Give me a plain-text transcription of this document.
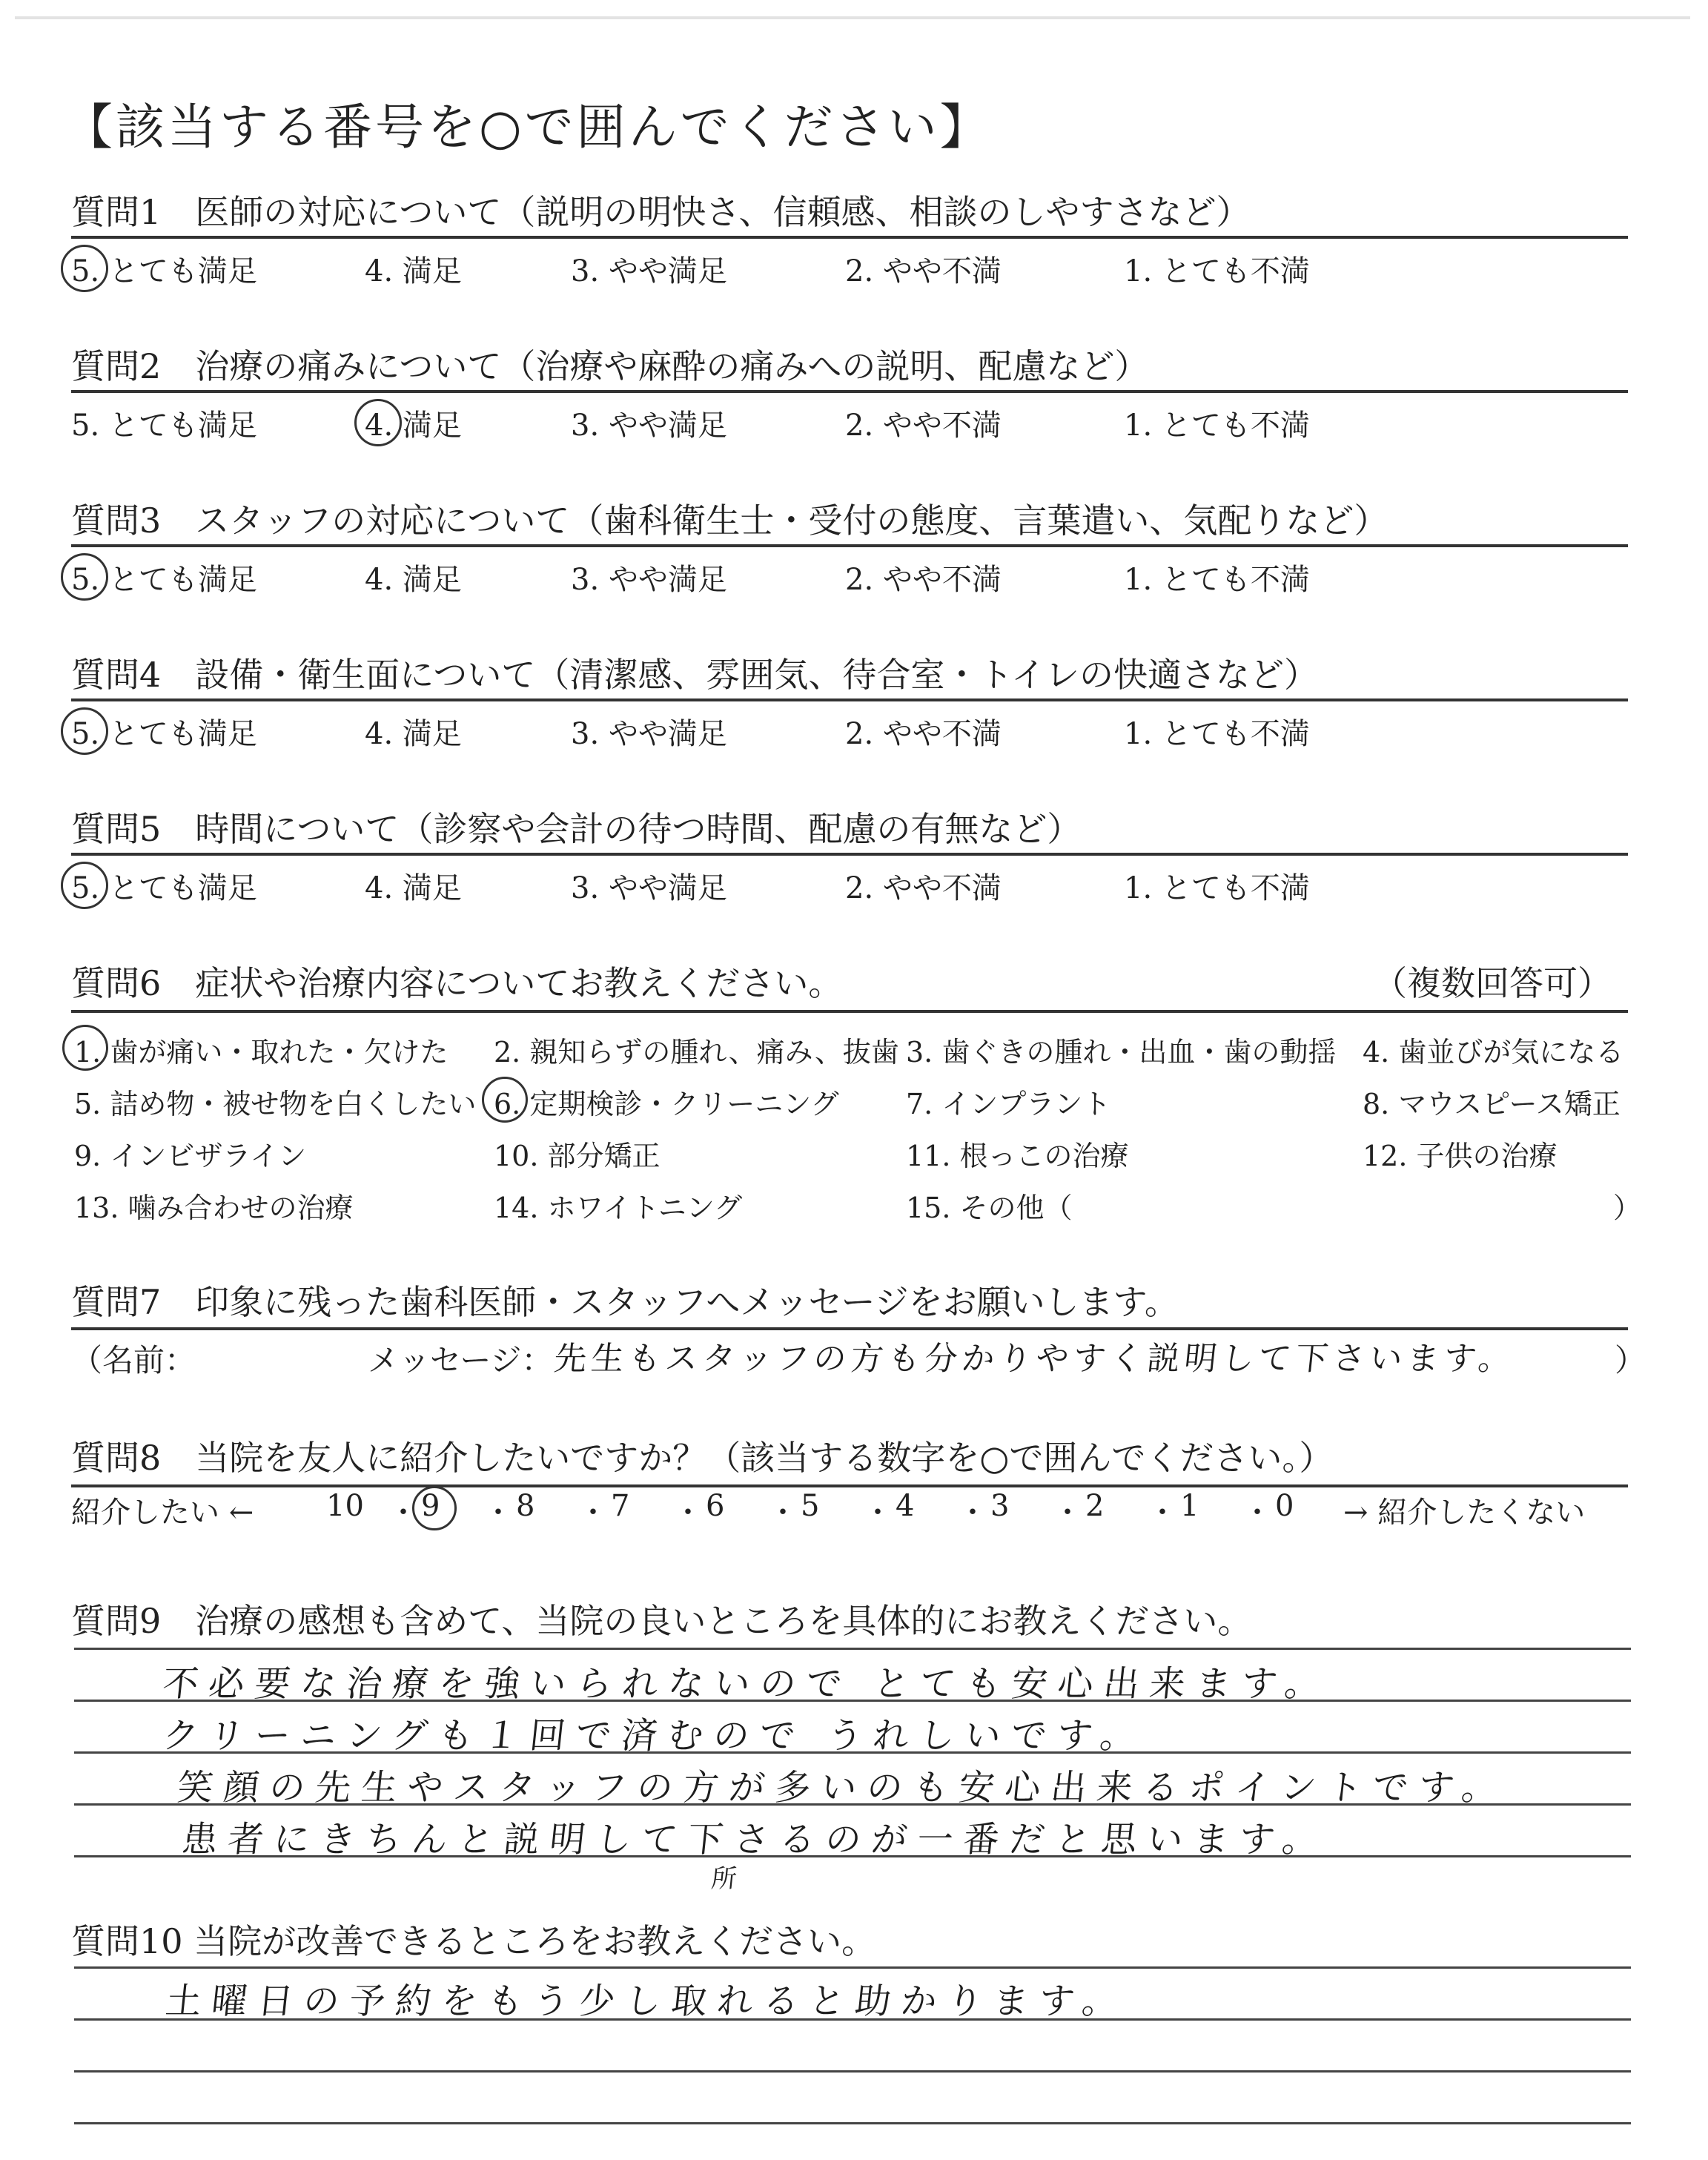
【該当する番号を○で囲んでください】
質問1　医師の対応について（説明の明快さ、信頼感、相談のしやすさなど）
5. とても満足	4. 満足	3. やや満足	2. やや不満	1. とても不満
質問2　治療の痛みについて（治療や麻酔の痛みへの説明、配慮など）
5. とても満足	4. 満足	3. やや満足	2. やや不満	1. とても不満
質問3　スタッフの対応について（歯科衛生士・受付の態度、言葉遣い、気配りなど）
5. とても満足	4. 満足	3. やや満足	2. やや不満	1. とても不満
質問4　設備・衛生面について（清潔感、雰囲気、待合室・トイレの快適さなど）
5. とても満足	4. 満足	3. やや満足	2. やや不満	1. とても不満
質問5　時間について（診察や会計の待つ時間、配慮の有無など）
5. とても満足	4. 満足	3. やや満足	2. やや不満	1. とても不満
質問6　症状や治療内容についてお教えください。	（複数回答可）
1. 歯が痛い・取れた・欠けた 2. 親知らずの腫れ、痛み、抜歯 3. 歯ぐきの腫れ・出血・歯の動揺 4. 歯並びが気になる
5. 詰め物・被せ物を白くしたい 6. 定期検診・クリーニング 7. インプラント	8. マウスピース矯正
9. インビザライン	10. 部分矯正	11. 根っこの治療	12. 子供の治療
13. 噛み合わせの治療	14. ホワイトニング	15. その他（	）
質問7　印象に残った歯科医師・スタッフへメッセージをお願いします。
（名前：	メッセージ： 先生もスタッフの方も分かりやすく説明して下さいます。	）
質問8　当院を友人に紹介したいですか？（該当する数字を○で囲んでください。）
紹介したい ←	→ 紹介したくない
10 ・ 9 ・ 8 ・ 7 ・ 6 ・ 5 ・ 4 ・ 3 ・ 2 ・ 1 ・ 0
質問9　治療の感想も含めて、当院の良いところを具体的にお教えください。
不必要な治療を強いられないので とても安心出来ます。
クリーニングも１回で済むので うれしいです。
笑顔の先生やスタッフの方が多いのも安心出来るポイントです。
患者にきちんと説明して下さるのが一番だと思います。
所
質問10 当院が改善できるところをお教えください。
土曜日の予約をもう少し取れると助かります。
